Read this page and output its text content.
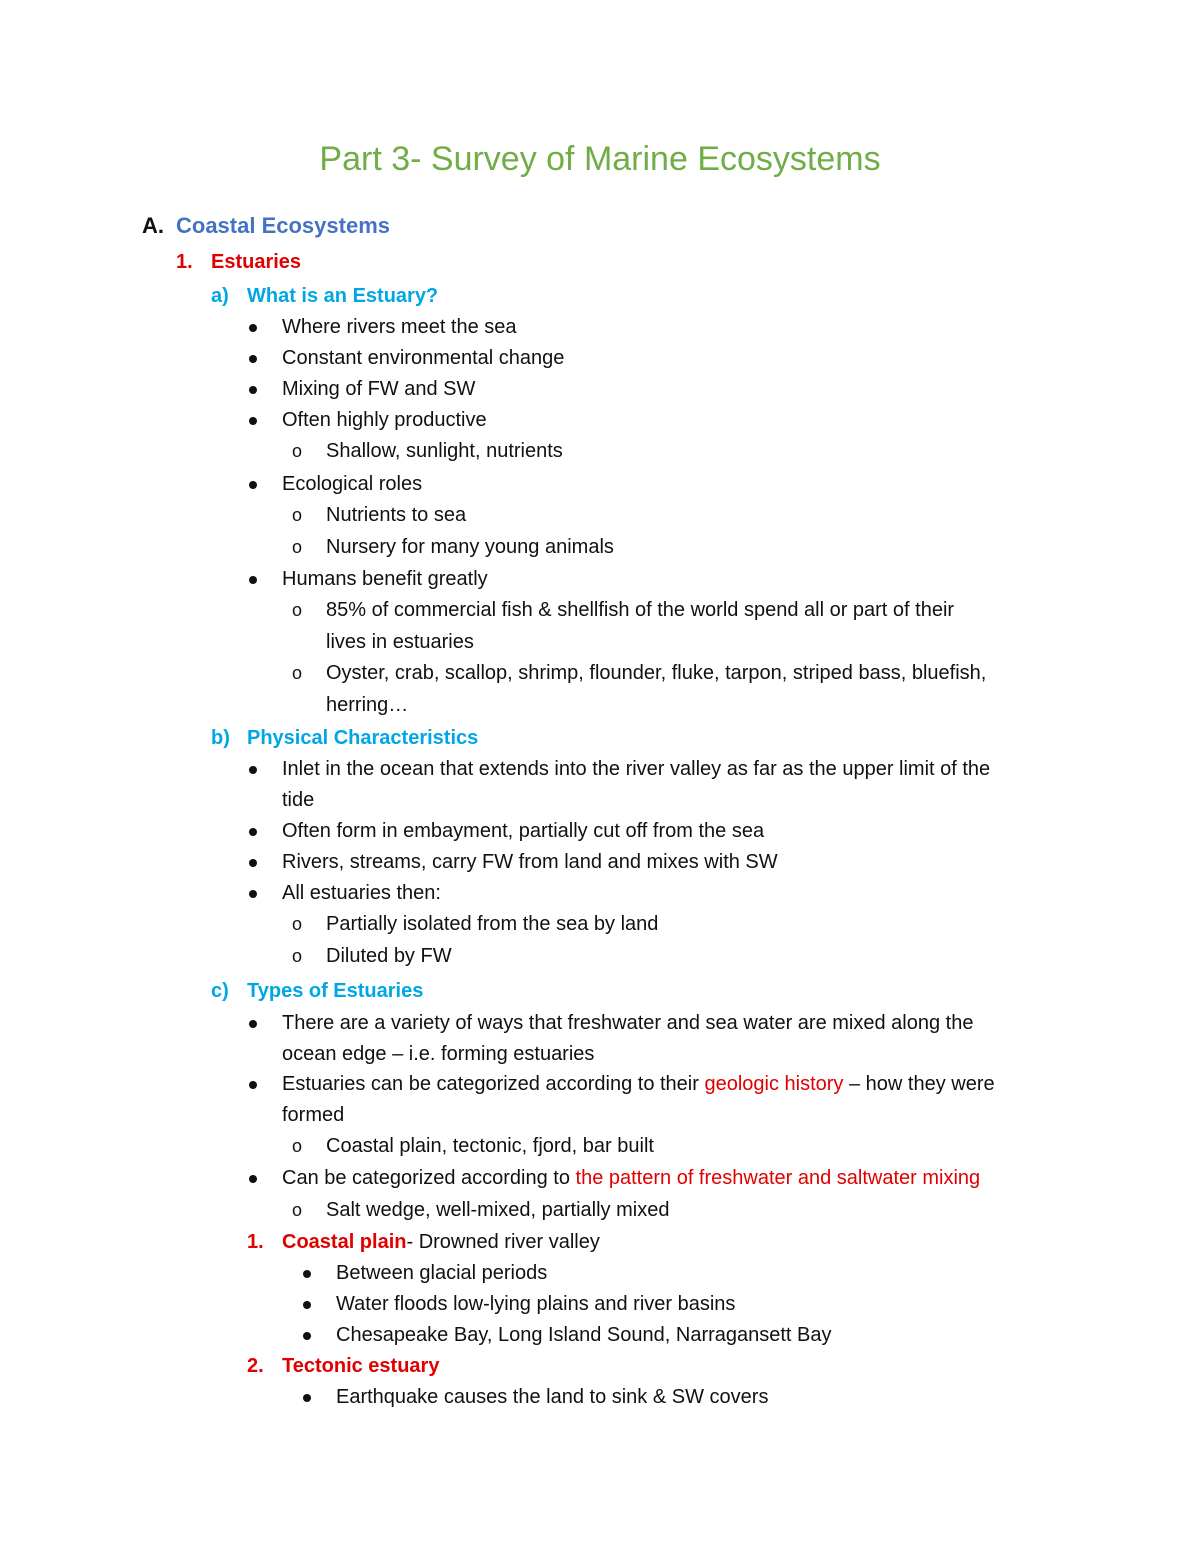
Part 3- Survey of Marine Ecosystems
A. Coastal Ecosystems
1. Estuaries
a) What is an Estuary?
Where rivers meet the sea
Constant environmental change
Mixing of FW and SW
Often highly productive
o Shallow, sunlight, nutrients
Ecological roles
o Nutrients to sea
o Nursery for many young animals
Humans benefit greatly
o 85% of commercial fish & shellfish of the world spend all or part of their
lives in estuaries
o Oyster, crab, scallop, shrimp, flounder, fluke, tarpon, striped bass, bluefish,
herring…
b) Physical Characteristics
Inlet in the ocean that extends into the river valley as far as the upper limit of the
tide
Often form in embayment, partially cut off from the sea
Rivers, streams, carry FW from land and mixes with SW
All estuaries then:
o Partially isolated from the sea by land
o Diluted by FW
c) Types of Estuaries
There are a variety of ways that freshwater and sea water are mixed along the
ocean edge – i.e. forming estuaries
Estuaries can be categorized according to their geologic history – how they were
formed
o Coastal plain, tectonic, fjord, bar built
Can be categorized according to the pattern of freshwater and saltwater mixing
o Salt wedge, well-mixed, partially mixed
1. Coastal plain- Drowned river valley
Between glacial periods
Water floods low-lying plains and river basins
Chesapeake Bay, Long Island Sound, Narragansett Bay
2. Tectonic estuary
Earthquake causes the land to sink & SW covers
